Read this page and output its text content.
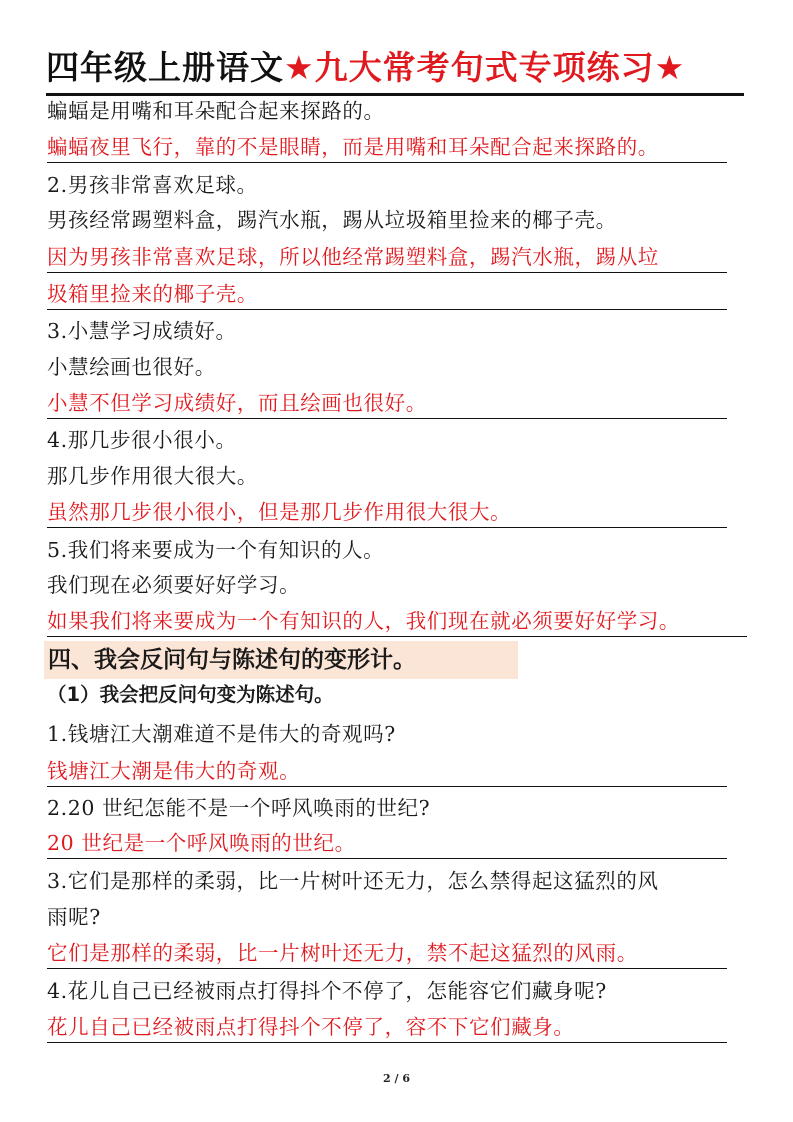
四年级上册语文★九大常考句式专项练习★
蝙蝠是用嘴和耳朵配合起来探路的。
蝙蝠夜里飞行，靠的不是眼睛，而是用嘴和耳朵配合起来探路的。
2.男孩非常喜欢足球。
男孩经常踢塑料盒，踢汽水瓶，踢从垃圾箱里捡来的椰子壳。
因为男孩非常喜欢足球，所以他经常踢塑料盒，踢汽水瓶，踢从垃
圾箱里捡来的椰子壳。
3.小慧学习成绩好。
小慧绘画也很好。
小慧不但学习成绩好，而且绘画也很好。
4.那几步很小很小。
那几步作用很大很大。
虽然那几步很小很小，但是那几步作用很大很大。
5.我们将来要成为一个有知识的人。
我们现在必须要好好学习。
如果我们将来要成为一个有知识的人，我们现在就必须要好好学习。
四、我会反问句与陈述句的变形计。
（1）我会把反问句变为陈述句。
1.钱塘江大潮难道不是伟大的奇观吗?
钱塘江大潮是伟大的奇观。
2.20 世纪怎能不是一个呼风唤雨的世纪?
20 世纪是一个呼风唤雨的世纪。
3.它们是那样的柔弱，比一片树叶还无力，怎么禁得起这猛烈的风
雨呢?
它们是那样的柔弱，比一片树叶还无力，禁不起这猛烈的风雨。
4.花儿自己已经被雨点打得抖个不停了，怎能容它们藏身呢?
花儿自己已经被雨点打得抖个不停了，容不下它们藏身。
2 / 6
